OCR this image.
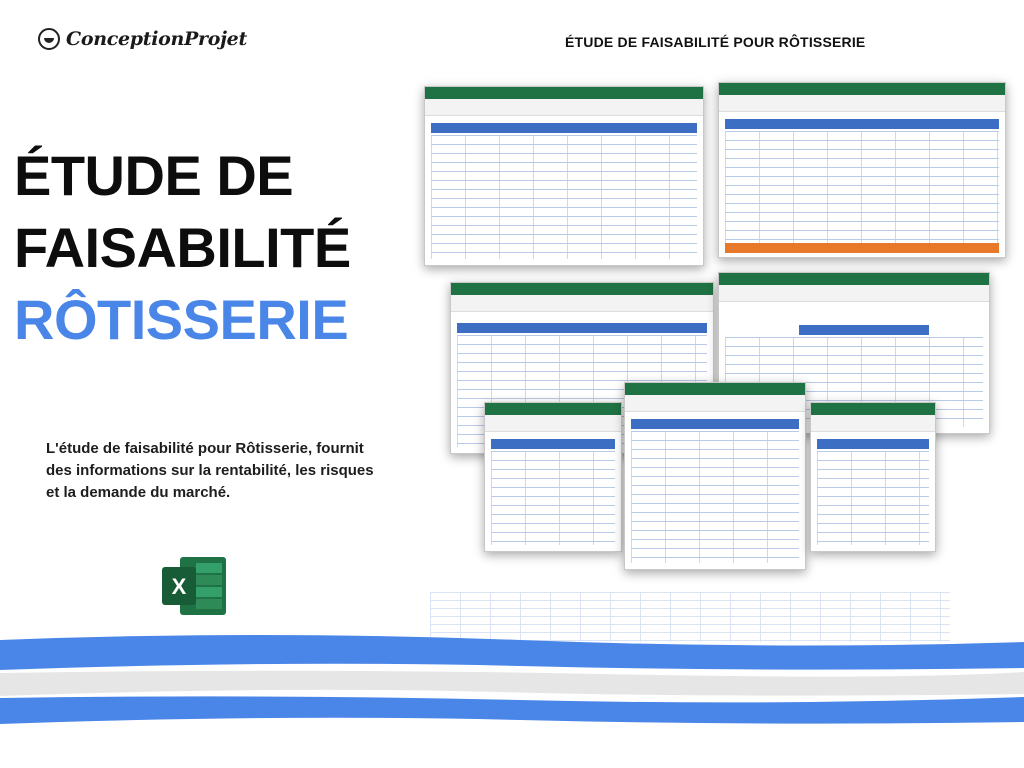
ConceptionProjet	ÉTUDE DE FAISABILITÉ POUR RÔTISSERIE
ÉTUDE DE
FAISABILITÉ
RÔTISSERIE
L'étude de faisabilité pour Rôtisserie, fournit des informations sur la rentabilité, les risques et la demande du marché.
X
